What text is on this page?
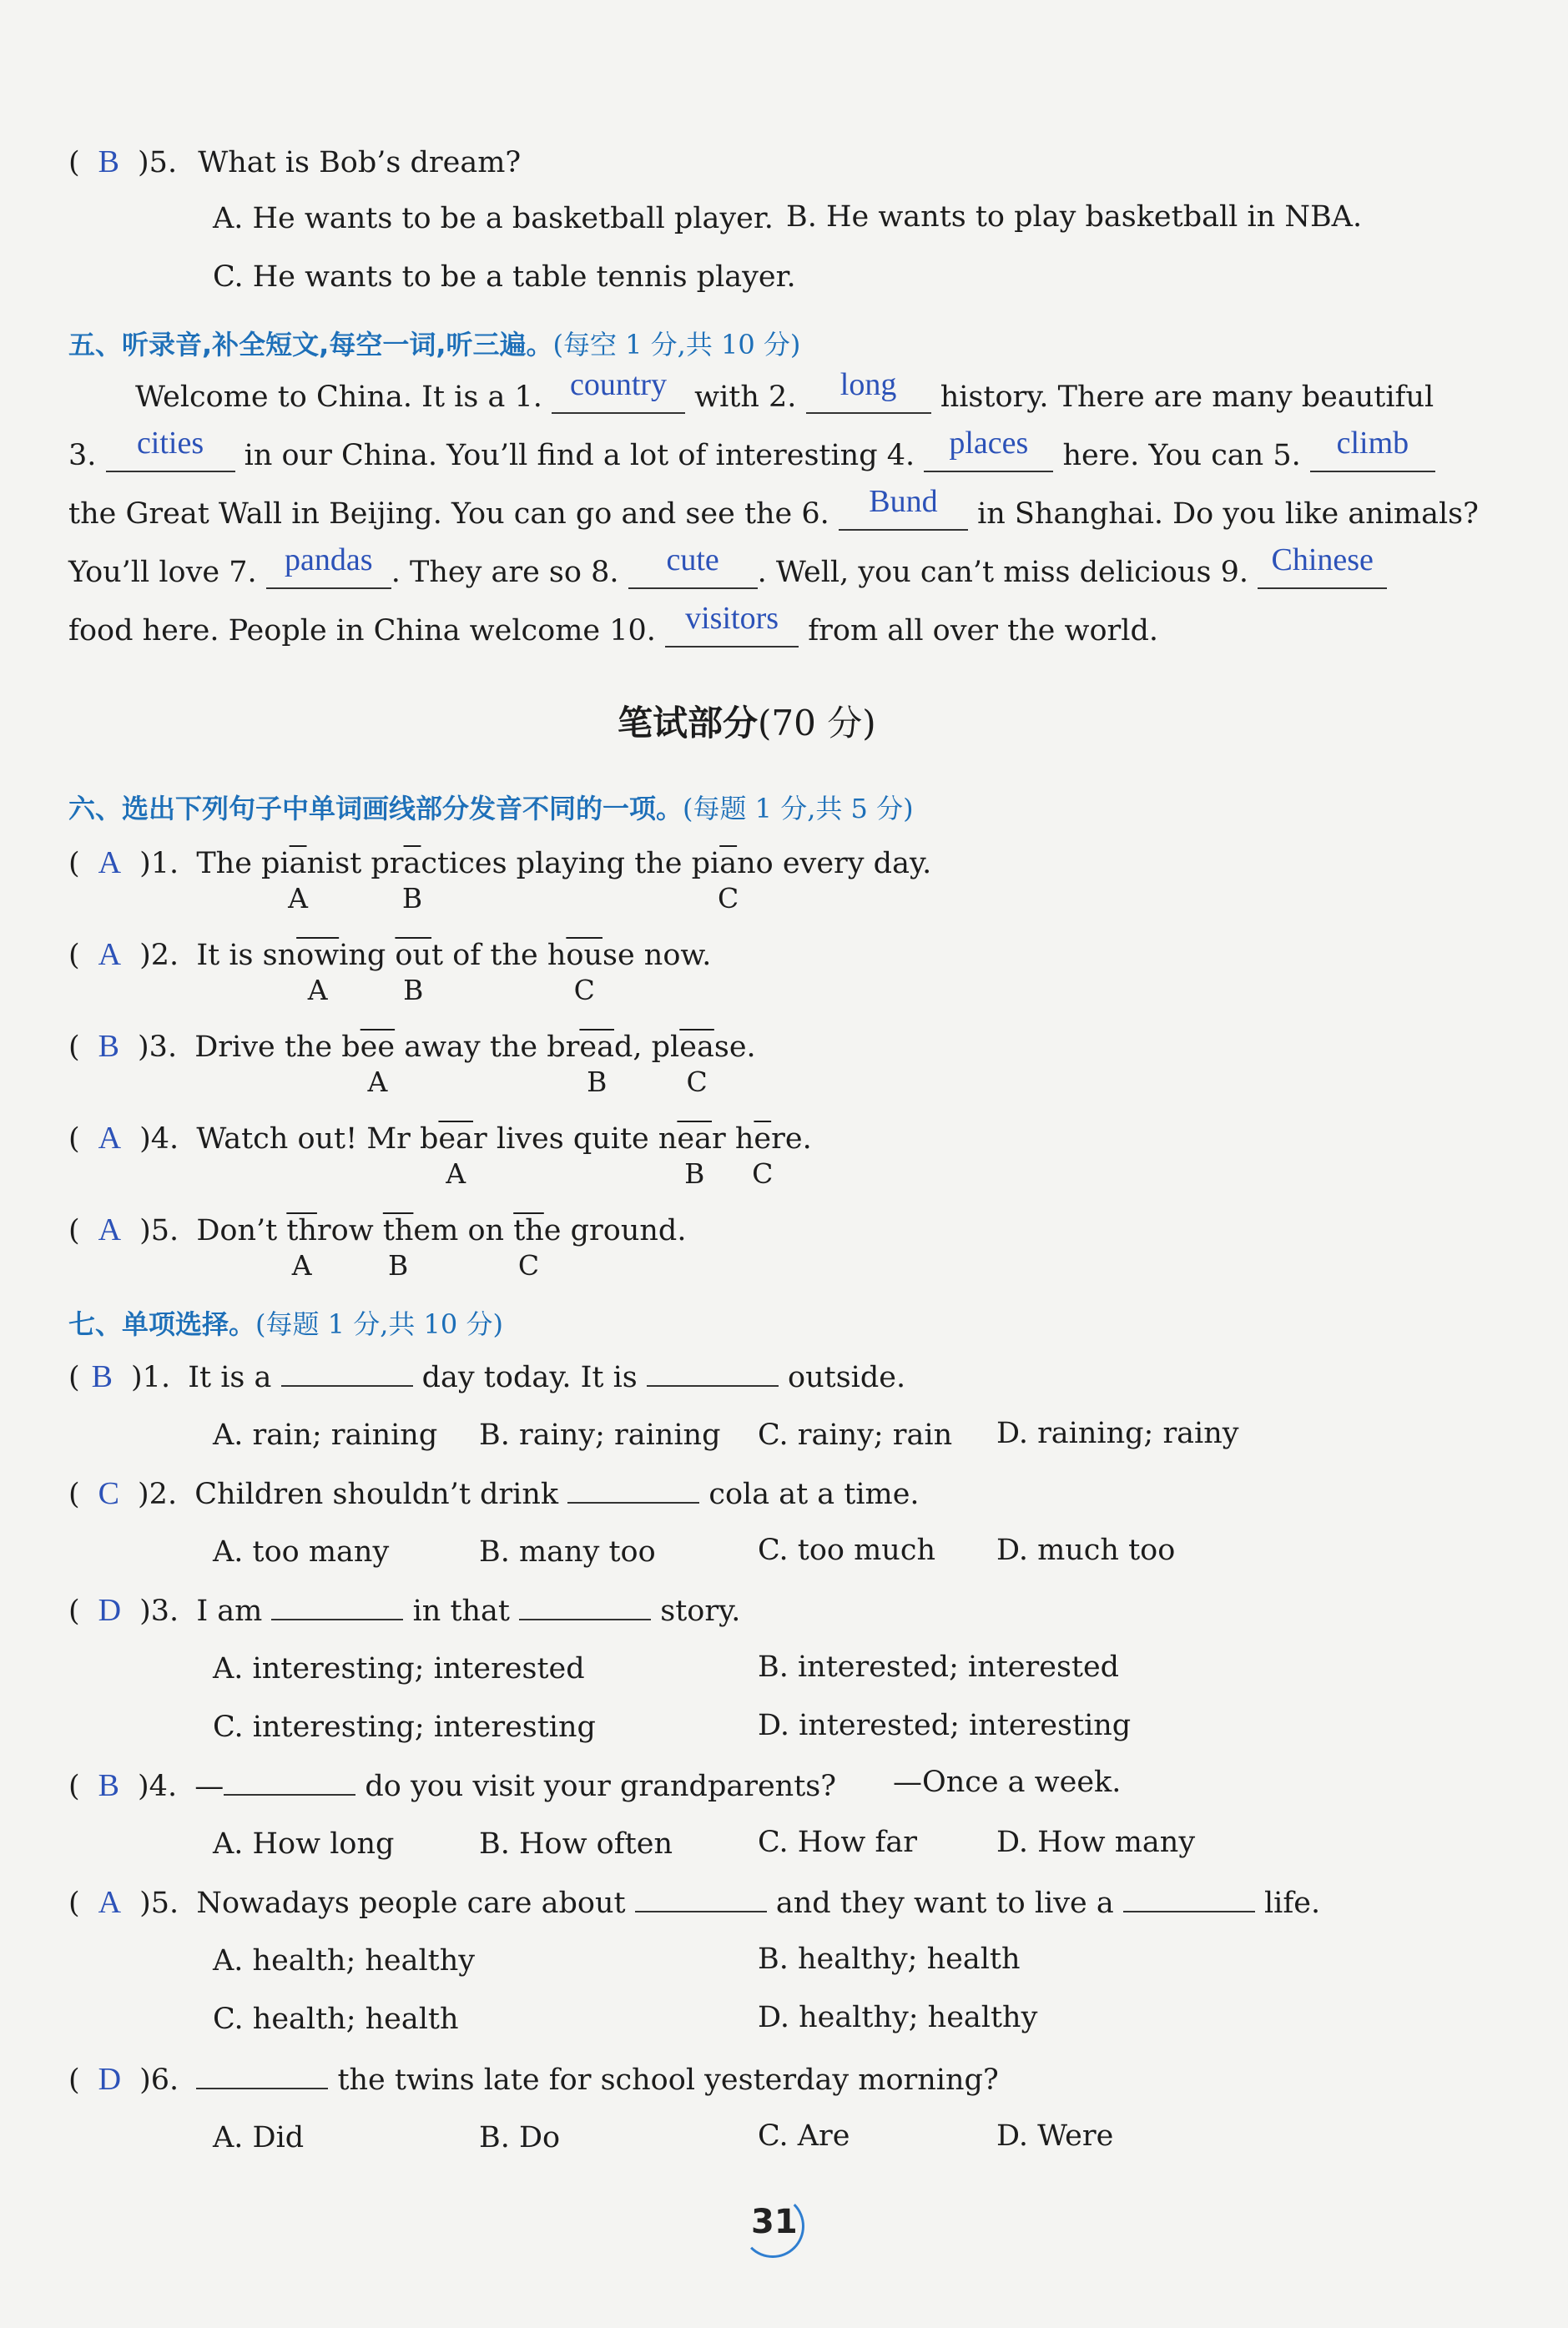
( B )5. What is Bob’s dream?
A. He wants to be a basketball player. B. He wants to play basketball in NBA.
C. He wants to be a table tennis player.
五、听录音,补全短文,每空一词,听三遍。(每空 1 分,共 10 分)
Welcome to China. It is a 1. country with 2. long history. There are many beautiful
3. cities in our China. You’ll find a lot of interesting 4. places here. You can 5. climb
the Great Wall in Beijing. You can go and see the 6. Bund in Shanghai. Do you like animals?
You’ll love 7. pandas . They are so 8. cute . Well, you can’t miss delicious 9. Chinese
food here. People in China welcome 10. visitors from all over the world.
笔试部分(70 分)
六、选出下列句子中单词画线部分发音不同的一项。(每题 1 分,共 5 分)
( A )1. The $pi\overline{a}nist$ $pr\overline{a}ctices$ playing the $pi\overline{a}no$ every day.
( A )2. It is $sn\overline{ow}ing$ $\overline{ou}t$ of the $h\overline{ou}se$ now.
( B )3. Drive the $b\overline{ee}$ away the $br\overline{ea}d$, $pl\overline{ea}se$.
( A )4. Watch out! Mr $b\overline{ea}r$ lives quite $n\overline{ea}r$ $h\overline{e}re$.
( A )5. Don’t $\overline{th}row$ $\overline{th}em$ on $\overline{th}e$ ground.
七、单项选择。(每题 1 分,共 10 分)
( B )1. It is a	day today. It is	outside.
A. rain; raining B. rainy; raining C. rainy; rain D. raining; rainy
( C )2. Children shouldn’t drink	cola at a time.
A. too many	B. many too	C. too much D. much too
( D )3. I am	in that	story.
A. interesting; interested	B. interested; interested
C. interesting; interesting	D. interested; interesting
( B )4. —	do you visit your grandparents? —Once a week.
A. How long	B. How often	C. How far	D. How many
( A )5. Nowadays people care about	and they want to live a	life.
A. health; healthy	B. healthy; health
C. health; health	D. healthy; healthy
( D )6.	the twins late for school yesterday morning?
A. Did	B. Do	C. Are	D. Were
31
A	B	C
A	B	C
A	B	C
A	B C
A	B	C
